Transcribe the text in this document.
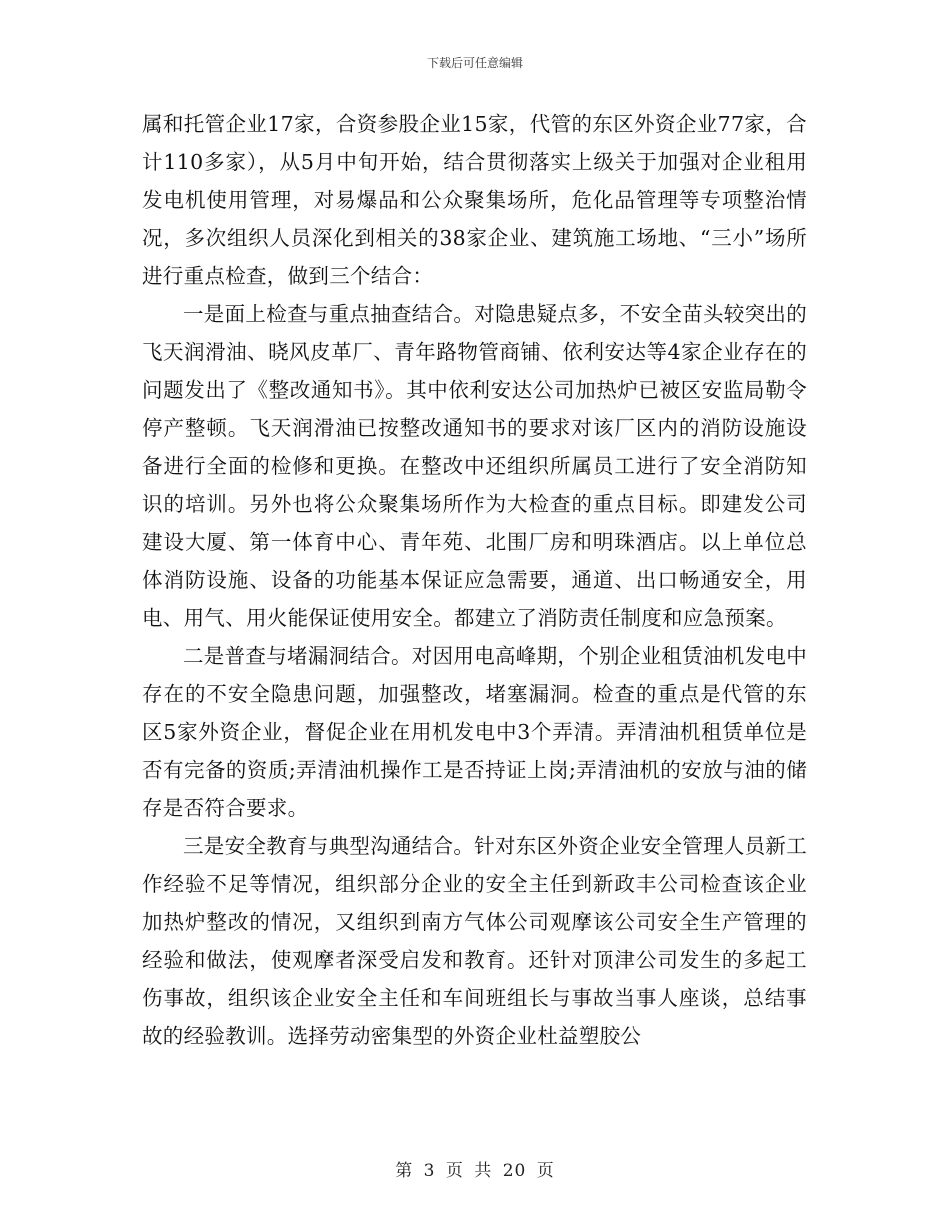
下载后可任意编辑

属和托管企业17家，合资参股企业15家，代管的东区外资企业77家，合计110多家），从5月中旬开始，结合贯彻落实上级关于加强对企业租用发电机使用管理，对易爆品和公众聚集场所，危化品管理等专项整治情况，多次组织人员深化到相关的38家企业、建筑施工场地、“三小”场所进行重点检查，做到三个结合：

一是面上检查与重点抽查结合。对隐患疑点多，不安全苗头较突出的飞天润滑油、晓风皮革厂、青年路物管商铺、依利安达等4家企业存在的问题发出了《整改通知书》。其中依利安达公司加热炉已被区安监局勒令停产整顿。飞天润滑油已按整改通知书的要求对该厂区内的消防设施设备进行全面的检修和更换。在整改中还组织所属员工进行了安全消防知识的培训。另外也将公众聚集场所作为大检查的重点目标。即建发公司建设大厦、第一体育中心、青年苑、北围厂房和明珠酒店。以上单位总体消防设施、设备的功能基本保证应急需要，通道、出口畅通安全，用电、用气、用火能保证使用安全。都建立了消防责任制度和应急预案。

二是普查与堵漏洞结合。对因用电高峰期，个别企业租赁油机发电中存在的不安全隐患问题，加强整改，堵塞漏洞。检查的重点是代管的东区5家外资企业，督促企业在用机发电中3个弄清。弄清油机租赁单位是否有完备的资质;弄清油机操作工是否持证上岗;弄清油机的安放与油的储存是否符合要求。

三是安全教育与典型沟通结合。针对东区外资企业安全管理人员新工作经验不足等情况，组织部分企业的安全主任到新政丰公司检查该企业加热炉整改的情况，又组织到南方气体公司观摩该公司安全生产管理的经验和做法，使观摩者深受启发和教育。还针对顶津公司发生的多起工伤事故，组织该企业安全主任和车间班组长与事故当事人座谈，总结事故的经验教训。选择劳动密集型的外资企业杜益塑胶公

第 3 页 共 20 页
